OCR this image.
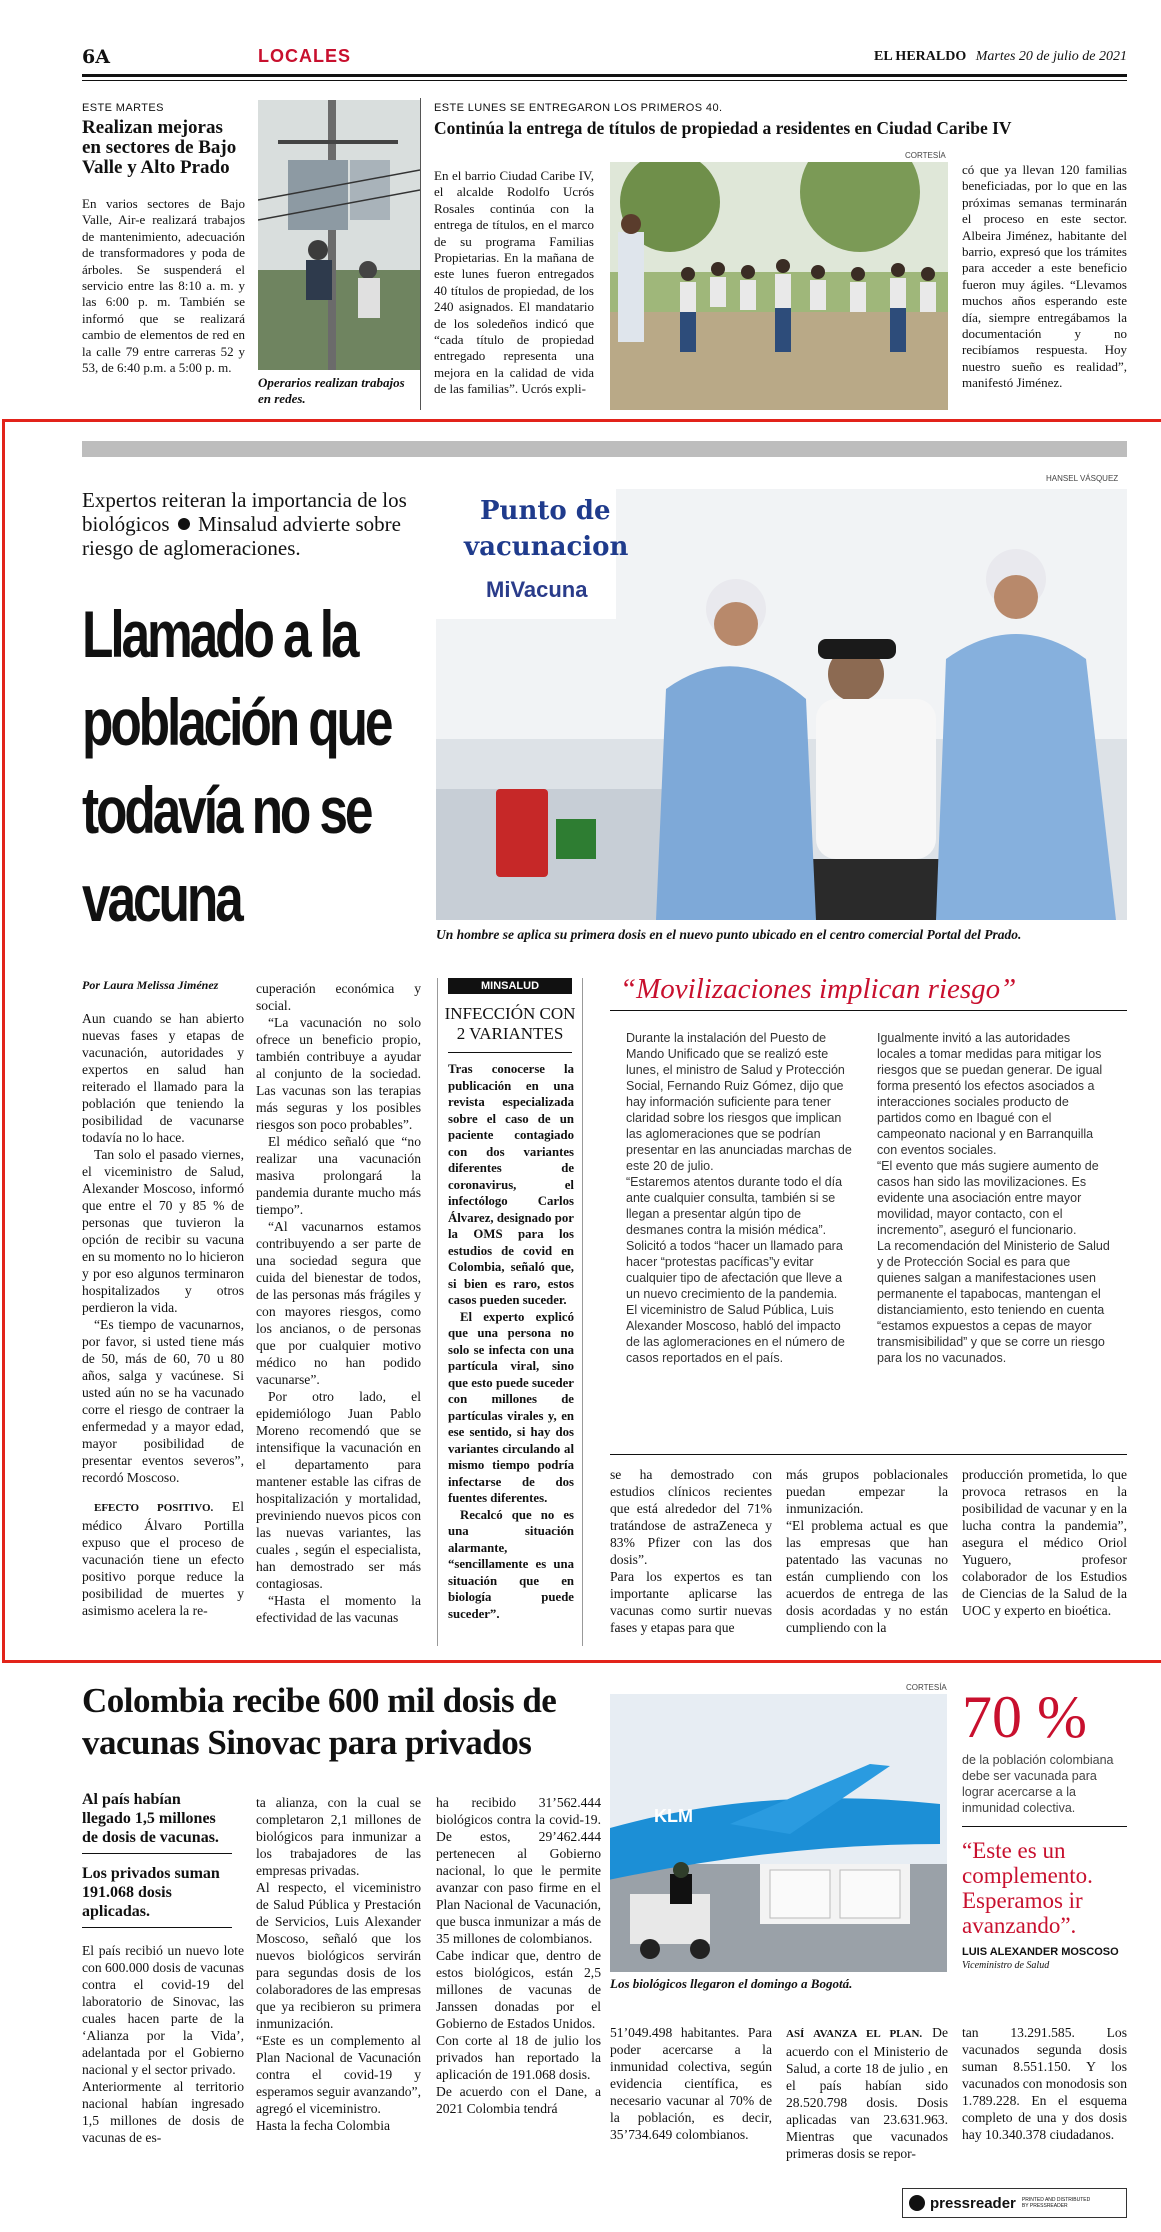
6A	LOCALES	EL HERALDO Martes 20 de julio de 2021
ESTE MARTES
Realizan mejoras en sectores de Bajo Valle y Alto Prado
En varios sectores de Bajo Valle, Air-e realizará trabajos de mantenimiento, adecuación de transformadores y poda de árboles. Se suspenderá el servicio entre las 8:10 a. m. y las 6:00 p. m. También se informó que se realizará cambio de elementos de red en la calle 79 entre carreras 52 y 53, de 6:40 p.m. a 5:00 p. m.
Operarios realizan trabajos en redes.
ESTE LUNES SE ENTREGARON LOS PRIMEROS 40.
Continúa la entrega de títulos de propiedad a residentes en Ciudad Caribe IV
En el barrio Ciudad Caribe IV, el alcalde Rodolfo Ucrós Rosales continúa con la entrega de títulos, en el marco de su programa Familias Propietarias. En la mañana de este lunes fueron entregados 40 títulos de propiedad, de los 240 asignados. El mandatario de los soledeños indicó que “cada título de propiedad entregado representa una mejora en la calidad de vida de las familias”. Ucrós expli-
CORTESÍA
có que ya llevan 120 familias beneficiadas, por lo que en las próximas semanas terminarán el proceso en este sector. Albeira Jiménez, habitante del barrio, expresó que los trámites para acceder a este beneficio fueron muy ágiles. “Llevamos muchos años esperando este día, siempre entregábamos la documentación y no recibíamos respuesta. Hoy nuestro sueño es realidad”, manifestó Jiménez.
Expertos reiteran la importancia de los biológicos Minsalud advierte sobre riesgo de aglomeraciones.
Llamado a la población que todavía no se vacuna
HANSEL VÁSQUEZ
Punto de
vacunacion
MiVacuna
Un hombre se aplica su primera dosis en el nuevo punto ubicado en el centro comercial Portal del Prado.
Por Laura Melissa Jiménez

Aun cuando se han abierto nuevas fases y etapas de vacunación, autoridades y expertos en salud han reiterado el llamado para la población que teniendo la posibilidad de vacunarse todavía no lo hace.

Tan solo el pasado viernes, el viceministro de Salud, Alexander Moscoso, informó que entre el 70 y 85 % de personas que tuvieron la opción de recibir su vacuna en su momento no lo hicieron y por eso algunos terminaron hospitalizados y otros perdieron la vida.

“Es tiempo de vacunarnos, por favor, si usted tiene más de 50, más de 60, 70 u 80 años, salga y vacúnese. Si usted aún no se ha vacunado corre el riesgo de contraer la enfermedad y a mayor edad, mayor posibilidad de presentar eventos severos”, recordó Moscoso.

EFECTO POSITIVO. El médico Álvaro Portilla expuso que el proceso de vacunación tiene un efecto positivo porque reduce la posibilidad de muertes y asimismo acelera la re-

cuperación económica y social.

“La vacunación no solo ofrece un beneficio propio, también contribuye a ayudar al conjunto de la sociedad. Las vacunas son las terapias más seguras y los posibles riesgos son poco probables”.

El médico señaló que “no realizar una vacunación masiva prolongará la pandemia durante mucho más tiempo”.

“Al vacunarnos estamos contribuyendo a ser parte de una sociedad segura que cuida del bienestar de todos, de las personas más frágiles y con mayores riesgos, como los ancianos, o de personas que por cualquier motivo médico no han podido vacunarse”.

Por otro lado, el epidemiólogo Juan Pablo Moreno recomendó que se intensifique la vacunación en el departamento para mantener estable las cifras de hospitalización y mortalidad, previniendo nuevos picos con las nuevas variantes, las cuales , según el especialista, han demostrado ser más contagiosas.

“Hasta el momento la efectividad de las vacunas

MINSALUD
INFECCIÓN CON 2 VARIANTES

Tras conocerse la publicación en una revista especializada sobre el caso de un paciente contagiado con dos variantes diferentes de coronavirus, el infectólogo Carlos Álvarez, designado por la OMS para los estudios de covid en Colombia, señaló que, si bien es raro, estos casos pueden suceder.

El experto explicó que una persona no solo se infecta con una partícula viral, sino que esto puede suceder con millones de partículas virales y, en ese sentido, si hay dos variantes circulando al mismo tiempo podría infectarse de dos fuentes diferentes.

Recalcó que no es una situación alarmante, “sencillamente es una situación que en biología puede suceder”.

“Movilizaciones implican riesgo”
Durante la instalación del Puesto de Mando Unificado que se realizó este lunes, el ministro de Salud y Protección Social, Fernando Ruiz Gómez, dijo que hay información suficiente para tener claridad sobre los riesgos que implican las aglomeraciones que se podrían presentar en las anunciadas marchas de este 20 de julio.
“Estaremos atentos durante todo el día ante cualquier consulta, también si se llegan a presentar algún tipo de desmanes contra la misión médica”. Solicitó a todos “hacer un llamado para hacer “protestas pacíficas”y evitar cualquier tipo de afectación que lleve a un nuevo crecimiento de la pandemia.
El viceministro de Salud Pública, Luis Alexander Moscoso, habló del impacto de las aglomeraciones en el número de casos reportados en el país.
Igualmente invitó a las autoridades locales a tomar medidas para mitigar los riesgos que se puedan generar. De igual forma presentó los efectos asociados a interacciones sociales producto de partidos como en Ibagué con el campeonato nacional y en Barranquilla con eventos sociales.
“El evento que más sugiere aumento de casos han sido las movilizaciones. Es evidente una asociación entre mayor movilidad, mayor contacto, con el incremento”, aseguró el funcionario.
La recomendación del Ministerio de Salud y de Protección Social es para que quienes salgan a manifestaciones usen permanente el tapabocas, mantengan el distanciamiento, esto teniendo en cuenta “estamos expuestos a cepas de mayor transmisibilidad” y que se corre un riesgo para los no vacunados.
se ha demostrado con estudios clínicos recientes que está alrededor del 71% tratándose de astraZeneca y 83% Pfizer con las dos dosis”.
Para los expertos es tan importante aplicarse las vacunas como surtir nuevas fases y etapas para que
más grupos poblacionales puedan empezar la inmunización.
“El problema actual es que las empresas que han patentado las vacunas no están cumpliendo con los acuerdos de entrega de las dosis acordadas y no están cumpliendo con la
producción prometida, lo que provoca retrasos en la posibilidad de vacunar y en la lucha contra la pandemia”, asegura el médico Oriol Yuguero, profesor colaborador de los Estudios de Ciencias de la Salud de la UOC y experto en bioética.
Colombia recibe 600 mil dosis de vacunas Sinovac para privados
Al país habían llegado 1,5 millones de dosis de vacunas.
Los privados suman 191.068 dosis aplicadas.
El país recibió un nuevo lote con 600.000 dosis de vacunas contra el covid-19 del laboratorio de Sinovac, las cuales hacen parte de la ‘Alianza por la Vida’, adelantada por el Gobierno nacional y el sector privado.
Anteriormente al territorio nacional habían ingresado 1,5 millones de dosis de vacunas de es-
ta alianza, con la cual se completaron 2,1 millones de biológicos para inmunizar a los trabajadores de las empresas privadas.
Al respecto, el viceministro de Salud Pública y Prestación de Servicios, Luis Alexander Moscoso, señaló que los nuevos biológicos servirán para segundas dosis de los colaboradores de las empresas que ya recibieron su primera inmunización.
“Este es un complemento al Plan Nacional de Vacunación contra el covid-19 y esperamos seguir avanzando”, agregó el viceministro.
Hasta la fecha Colombia
ha recibido 31’562.444 biológicos contra la covid-19. De estos, 29’462.444 pertenecen al Gobierno nacional, lo que le permite avanzar con paso firme en el Plan Nacional de Vacunación, que busca inmunizar a más de 35 millones de colombianos.
Cabe indicar que, dentro de estos biológicos, están 2,5 millones de vacunas de Janssen donadas por el Gobierno de Estados Unidos.
Con corte al 18 de julio los privados han reportado la aplicación de 191.068 dosis.
De acuerdo con el Dane, a 2021 Colombia tendrá
CORTESÍA
KLM
Los biológicos llegaron el domingo a Bogotá.
51’049.498 habitantes. Para poder acercarse a la inmunidad colectiva, según evidencia científica, es necesario vacunar al 70% de la población, es decir, 35’734.649 colombianos.
ASÍ AVANZA EL PLAN. De acuerdo con el Ministerio de Salud, a corte 18 de julio , en el país habían sido 28.520.798 dosis. Dosis aplicadas van 23.631.963. Mientras que vacunados primeras dosis se repor-
tan 13.291.585. Los vacunados segunda dosis suman 8.551.150. Y los vacunados con monodosis son 1.789.228. En el esquema completo de una y dos dosis hay 10.340.378 ciudadanos.
70 %
de la población colombiana debe ser vacunada para lograr acercarse a la inmunidad colectiva.
“Este es un complemento. Esperamos ir avanzando”.
LUIS ALEXANDER MOSCOSO
Viceministro de Salud
pressreader PRINTED AND DISTRIBUTED BY PRESSREADER
